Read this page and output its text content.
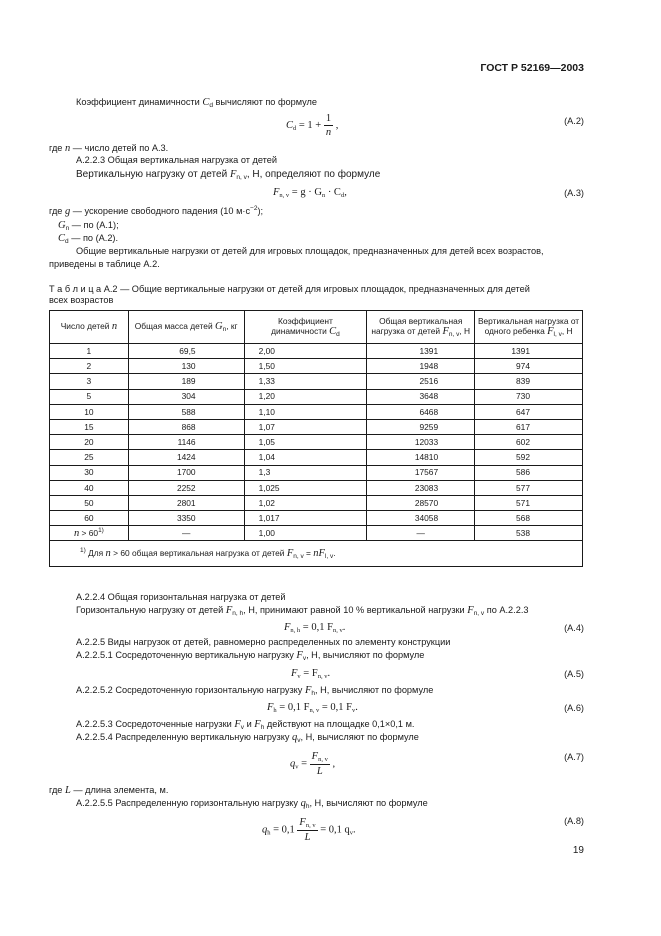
ГОСТ Р 52169—2003
Коэффициент динамичности $C_d$ вычисляют по формуле
$C_d = 1 + \frac{1}{n}$ ,	(A.2)
где n — число детей по А.3.
А.2.2.3 Общая вертикальная нагрузка от детей
Вертикальную нагрузку от детей $F_{n, v}$, Н, определяют по формуле
$F_{n, v} = g \cdot G_n \cdot C_d$,	(A.3)
где g — ускорение свободного падения (10 $м\cdot с^{-2}$);
$G_n$ — по (А.1);
$C_d$ — по (А.2).
Общие вертикальные нагрузки от детей для игровых площадок, предназначенных для детей всех возрастов,
приведены в таблице А.2.
Т а б л и ц а А.2 — Общие вертикальные нагрузки от детей для игровых площадок, предназначенных для детей
всех возрастов
Число детей n	Общая масса детей $G_n$, кг	Коэффициент
динамичности $C_d$	Общая вертикальная
нагрузка от детей $F_{n, v}$, Н	Вертикальная нагрузка от
одного ребенка $F_{l, v}$, Н
1	69,5	2,00	1391	1391
2	130	1,50	1948	974
3	189	1,33	2516	839
5	304	1,20	3648	730
10	588	1,10	6468	647
15	868	1,07	9259	617
20	1146	1,05	12033	602
25	1424	1,04	14810	592
30	1700	1,3	17567	586
40	2252	1,025	23083	577
50	2801	1,02	28570	571
60	3350	1,017	34058	568
$n > 60^{1)}$	—	1,00	—	538
$^{1)}$ Для n > 60 общая вертикальная нагрузка от детей $F_{n, v} = nF_{l, v}$.				
А.2.2.4 Общая горизонтальная нагрузка от детей
Горизонтальную нагрузку от детей $F_{n, h}$, Н, принимают равной 10 % вертикальной нагрузки $F_{n, v}$ по А.2.2.3
$F_{n, h} = 0,1$ $F_{n, v}$.	(A.4)
А.2.2.5 Виды нагрузок от детей, равномерно распределенных по элементу конструкции
А.2.2.5.1 Сосредоточенную вертикальную нагрузку $F_v$, Н, вычисляют по формуле
$F_v = F_{n, v}$.	(A.5)
А.2.2.5.2 Сосредоточенную горизонтальную нагрузку $F_h$, Н, вычисляют по формуле
$F_h = 0,1$ $F_{n, v} = 0,1$ $F_v$.	(A.6)
А.2.2.5.3 Сосредоточенные нагрузки $F_v$ и $F_h$ действуют на площадке 0,1×0,1 м.
А.2.2.5.4 Распределенную вертикальную нагрузку $q_v$, Н, вычисляют по формуле
$q_v = \frac{F_{n, v}}{L}$ ,
(A.7)
где L — длина элемента, м.
А.2.2.5.5 Распределенную горизонтальную нагрузку $q_h$, Н, вычисляют по формуле
$q_h = 0,1 \frac{F_{n, v}}{L} = 0,1$ $q_v$.
(A.8)
19
